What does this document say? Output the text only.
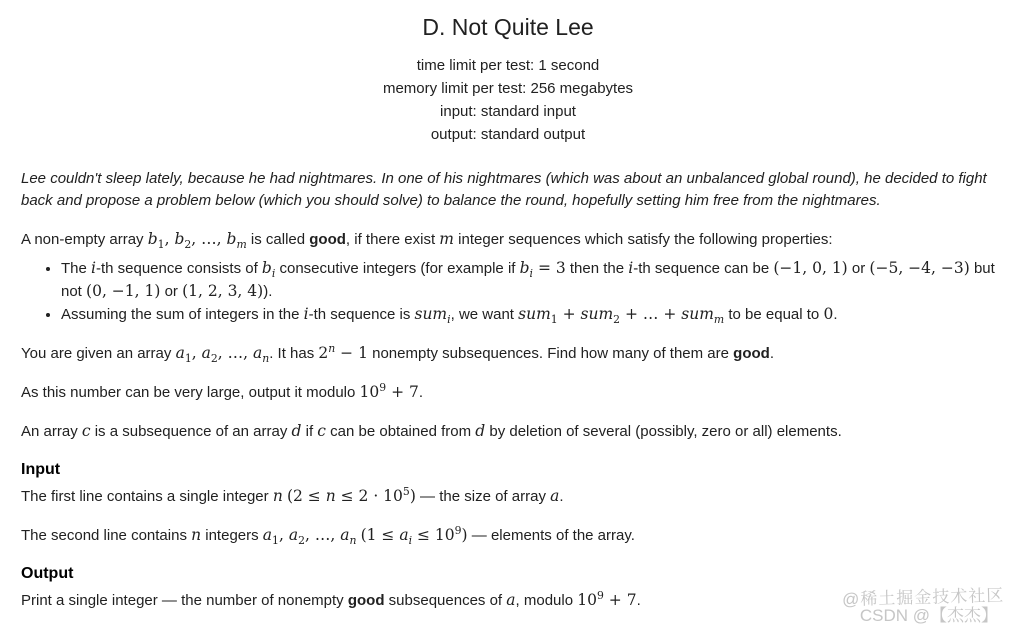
D. Not Quite Lee
time limit per test: 1 second
memory limit per test: 256 megabytes
input: standard input
output: standard output

Lee couldn't sleep lately, because he had nightmares. In one of his nightmares (which was about an unbalanced global round), he decided to fight back and propose a problem below (which you should solve) to balance the round, hopefully setting him free from the nightmares.

A non-empty array $b_1$, $b_2$, …, $b_m$ is called good, if there exist m integer sequences which satisfy the following properties:

• The i-th sequence consists of $b_i$ consecutive integers (for example if $b_i = 3$ then the i-th sequence can be (−1, 0, 1) or (−5, −4, −3) but not (0, −1, 1) or (1, 2, 3, 4)).
• Assuming the sum of integers in the i-th sequence is sum$_i$, we want sum$_1$ + sum$_2$ + … + sum$_m$ to be equal to 0.

You are given an array $a_1$, $a_2$, …, $a_n$. It has $2^n - 1$ nonempty subsequences. Find how many of them are good.

As this number can be very large, output it modulo $10^9 + 7$.

An array c is a subsequence of an array d if c can be obtained from d by deletion of several (possibly, zero or all) elements.

Input

The first line contains a single integer n $(2 \le n \le 2 \cdot 10^5)$ — the size of array a.

The second line contains n integers $a_1$, $a_2$, …, $a_n$ $(1 \le a_i \le 10^9)$ — elements of the array.

Output

Print a single integer — the number of nonempty good subsequences of a, modulo $10^9 + 7$.	@稀土掘金技术社区
CSDN @【杰杰】
